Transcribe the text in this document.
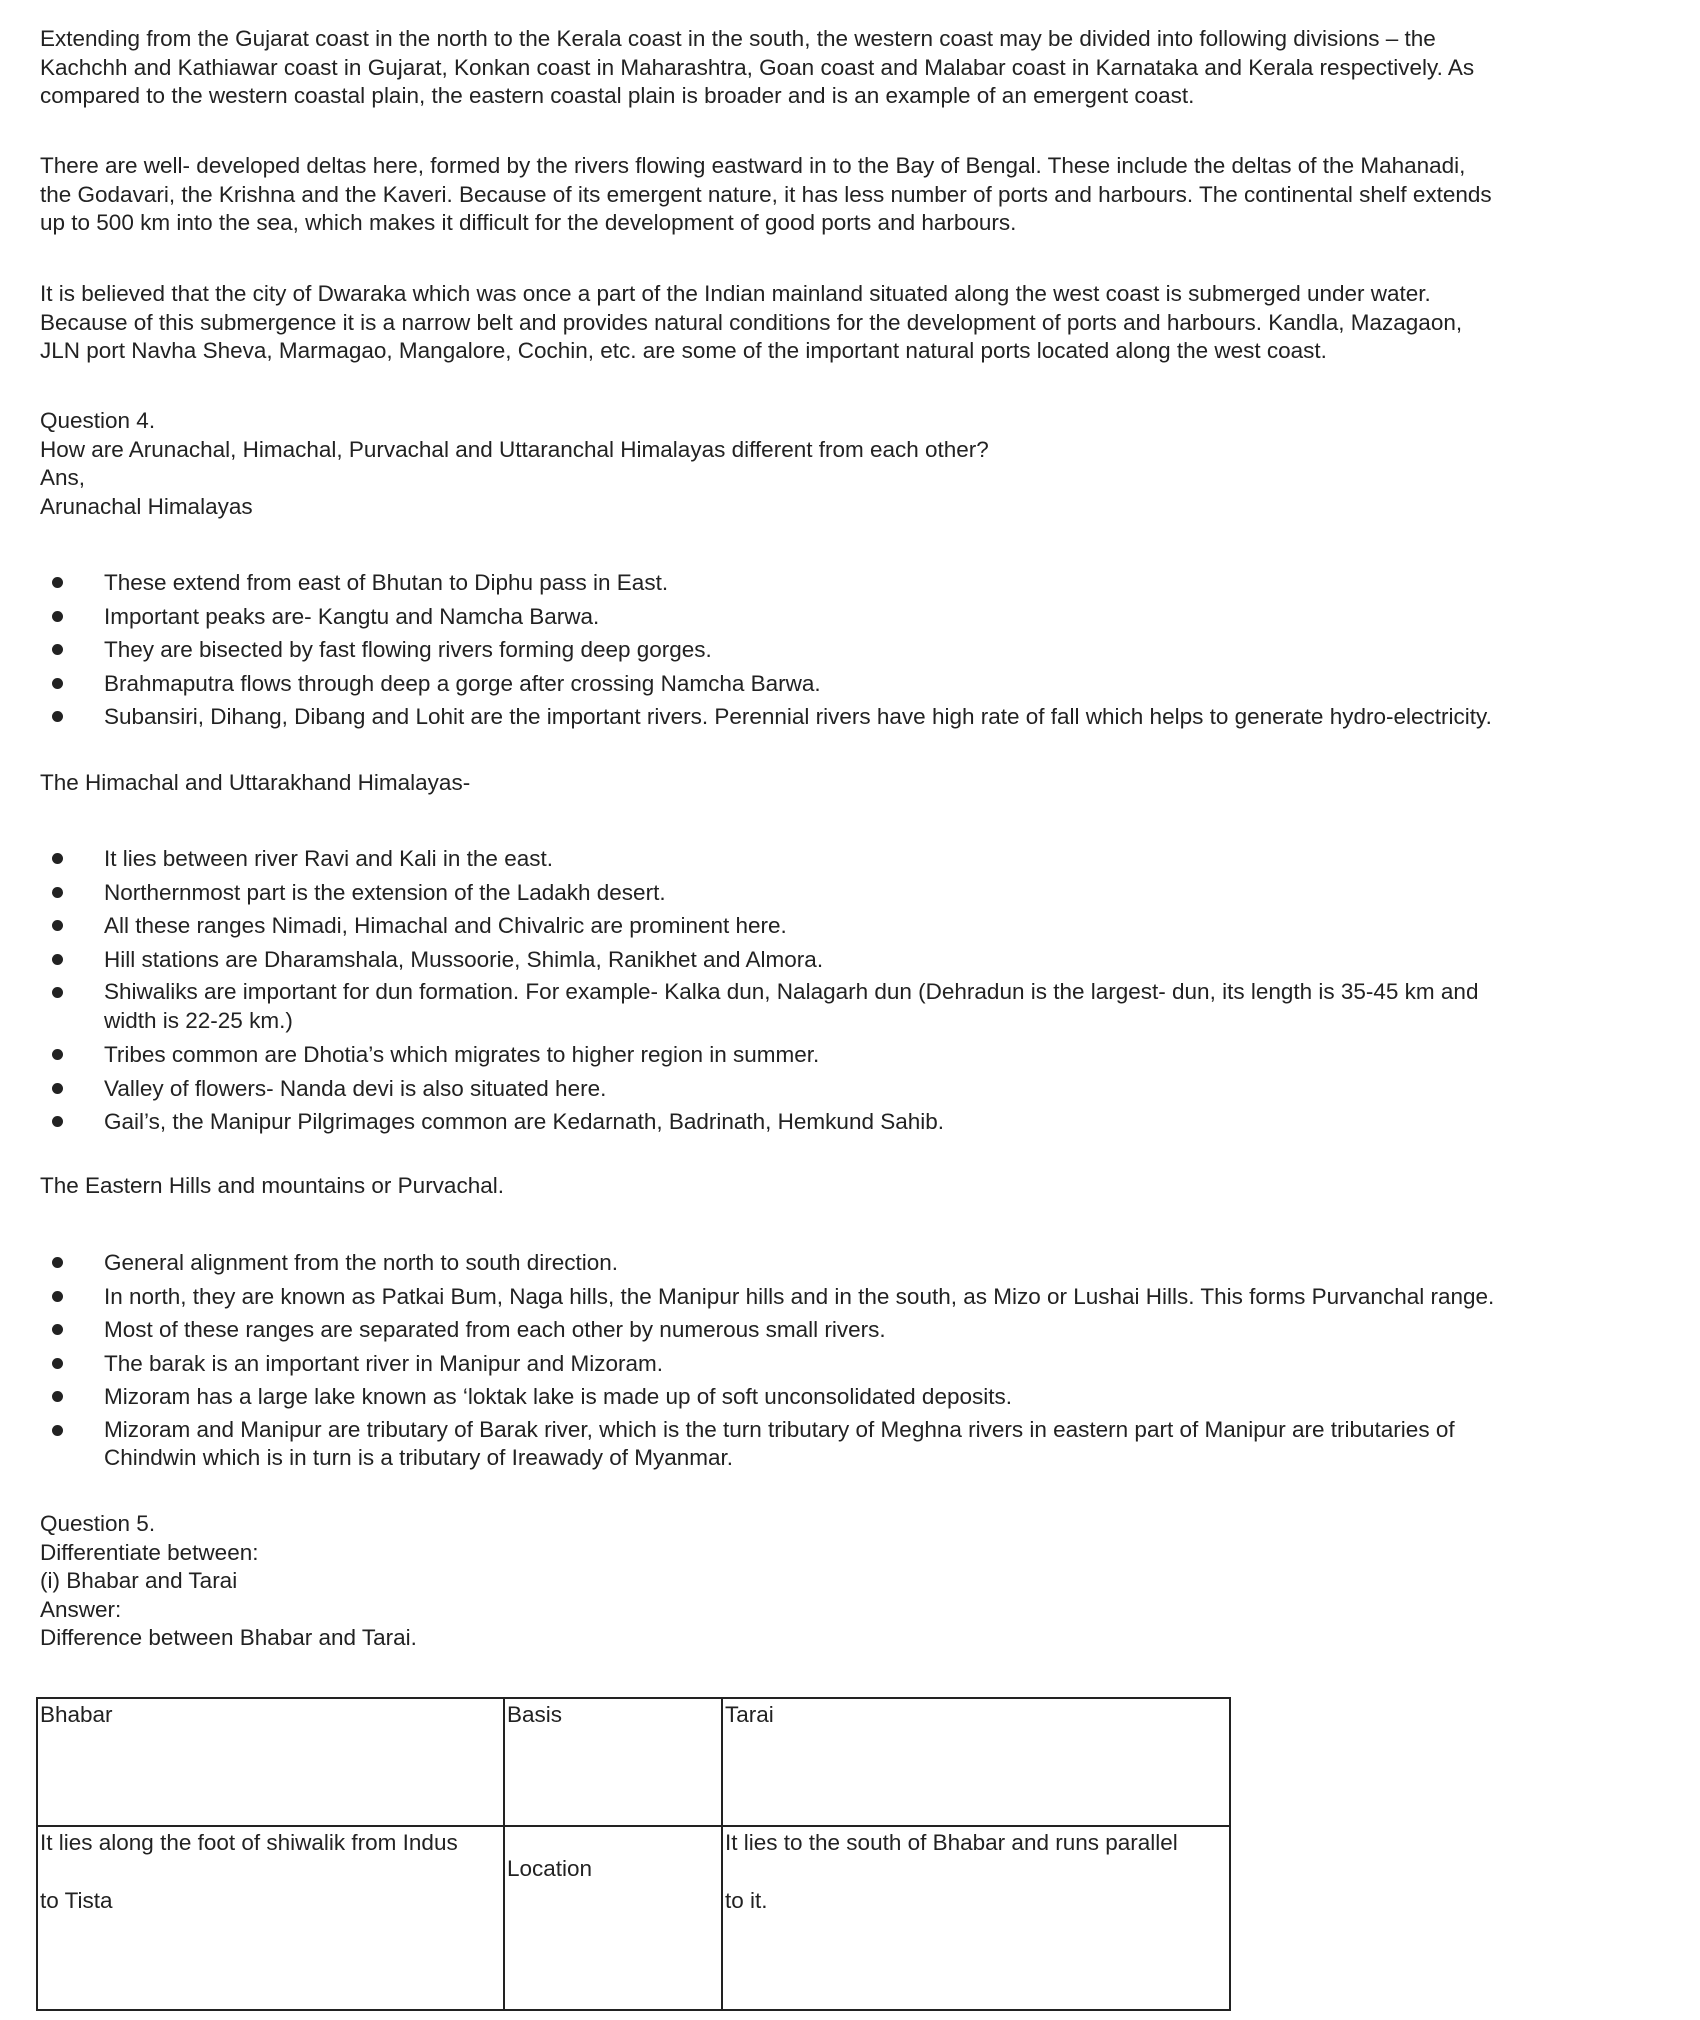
Extending from the Gujarat coast in the north to the Kerala coast in the south, the western coast may be divided into following divisions – the
Kachchh and Kathiawar coast in Gujarat, Konkan coast in Maharashtra, Goan coast and Malabar coast in Karnataka and Kerala respectively. As
compared to the western coastal plain, the eastern coastal plain is broader and is an example of an emergent coast.
There are well- developed deltas here, formed by the rivers flowing eastward in to the Bay of Bengal. These include the deltas of the Mahanadi,
the Godavari, the Krishna and the Kaveri. Because of its emergent nature, it has less number of ports and harbours. The continental shelf extends
up to 500 km into the sea, which makes it difficult for the development of good ports and harbours.
It is believed that the city of Dwaraka which was once a part of the Indian mainland situated along the west coast is submerged under water.
Because of this submergence it is a narrow belt and provides natural conditions for the development of ports and harbours. Kandla, Mazagaon,
JLN port Navha Sheva, Marmagao, Mangalore, Cochin, etc. are some of the important natural ports located along the west coast.
Question 4.
How are Arunachal, Himachal, Purvachal and Uttaranchal Himalayas different from each other?
Ans,
Arunachal Himalayas
These extend from east of Bhutan to Diphu pass in East.
Important peaks are- Kangtu and Namcha Barwa.
They are bisected by fast flowing rivers forming deep gorges.
Brahmaputra flows through deep a gorge after crossing Namcha Barwa.
Subansiri, Dihang, Dibang and Lohit are the important rivers. Perennial rivers have high rate of fall which helps to generate hydro-electricity.
The Himachal and Uttarakhand Himalayas-
It lies between river Ravi and Kali in the east.
Northernmost part is the extension of the Ladakh desert.
All these ranges Nimadi, Himachal and Chivalric are prominent here.
Hill stations are Dharamshala, Mussoorie, Shimla, Ranikhet and Almora.
Shiwaliks are important for dun formation. For example- Kalka dun, Nalagarh dun (Dehradun is the largest- dun, its length is 35-45 km and
width is 22-25 km.)
Tribes common are Dhotia’s which migrates to higher region in summer.
Valley of flowers- Nanda devi is also situated here.
Gail’s, the Manipur Pilgrimages common are Kedarnath, Badrinath, Hemkund Sahib.
The Eastern Hills and mountains or Purvachal.
General alignment from the north to south direction.
In north, they are known as Patkai Bum, Naga hills, the Manipur hills and in the south, as Mizo or Lushai Hills. This forms Purvanchal range.
Most of these ranges are separated from each other by numerous small rivers.
The barak is an important river in Manipur and Mizoram.
Mizoram has a large lake known as ‘loktak lake is made up of soft unconsolidated deposits.
Mizoram and Manipur are tributary of Barak river, which is the turn tributary of Meghna rivers in eastern part of Manipur are tributaries of
Chindwin which is in turn is a tributary of Ireawady of Myanmar.
Question 5.
Differentiate between:
(i) Bhabar and Tarai
Answer:
Difference between Bhabar and Tarai.
Bhabar	Basis	Tarai

It lies along the foot of shiwalik from Indus
to Tista	Location	It lies to the south of Bhabar and runs parallel
to it.
